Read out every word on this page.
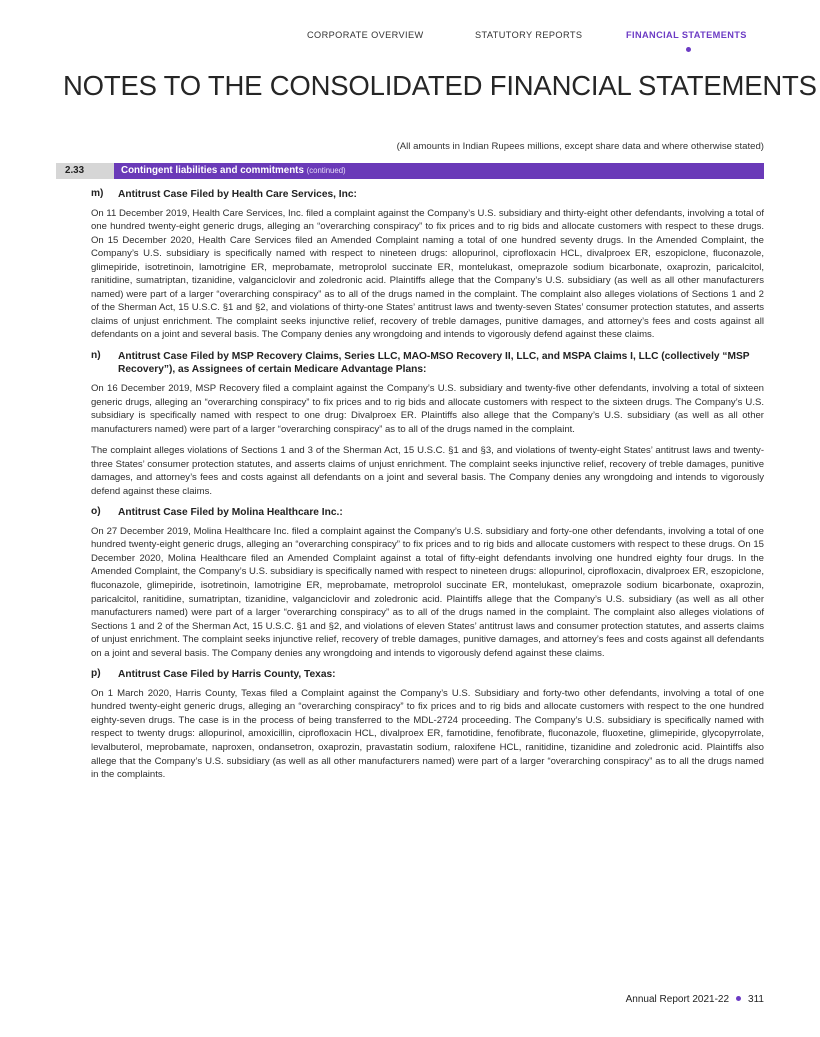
CORPORATE OVERVIEW	STATUTORY REPORTS	FINANCIAL STATEMENTS
NOTES TO THE CONSOLIDATED FINANCIAL STATEMENTS
(All amounts in Indian Rupees millions, except share data and where otherwise stated)
2.33	Contingent liabilities and commitments (continued)
m) Antitrust Case Filed by Health Care Services, Inc:

On 11 December 2019, Health Care Services, Inc. filed a complaint against the Company’s U.S. subsidiary and thirty-eight other defendants, involving a total of one hundred twenty-eight generic drugs, alleging an “overarching conspiracy” to fix prices and to rig bids and allocate customers with respect to these drugs. On 15 December 2020, Health Care Services filed an Amended Complaint naming a total of one hundred seventy drugs. In the Amended Complaint, the Company’s U.S. subsidiary is specifically named with respect to nineteen drugs: allopurinol, ciprofloxacin HCL, divalproex ER, eszopiclone, fluconazole, glimepiride, isotretinoin, lamotrigine ER, meprobamate, metroprolol succinate ER, montelukast, omeprazole sodium bicarbonate, oxaprozin, paricalcitol, ranitidine, sumatriptan, tizanidine, valganciclovir and zoledronic acid. Plaintiffs allege that the Company’s U.S. subsidiary (as well as all other manufacturers named) were part of a larger “overarching conspiracy” as to all of the drugs named in the complaint. The complaint also alleges violations of Sections 1 and 2 of the Sherman Act, 15 U.S.C. §1 and §2, and violations of thirty-one States’ antitrust laws and twenty-seven States’ consumer protection statutes, and asserts claims of unjust enrichment. The complaint seeks injunctive relief, recovery of treble damages, punitive damages, and attorney’s fees and costs against all defendants on a joint and several basis. The Company denies any wrongdoing and intends to vigorously defend against these claims.

n) Antitrust Case Filed by MSP Recovery Claims, Series LLC, MAO-MSO Recovery II, LLC, and MSPA Claims I, LLC (collectively “MSP Recovery”), as Assignees of certain Medicare Advantage Plans:

On 16 December 2019, MSP Recovery filed a complaint against the Company’s U.S. subsidiary and twenty-five other defendants, involving a total of sixteen generic drugs, alleging an “overarching conspiracy” to fix prices and to rig bids and allocate customers with respect to the sixteen drugs. The Company’s U.S. subsidiary is specifically named with respect to one drug: Divalproex ER. Plaintiffs also allege that the Company’s U.S. subsidiary (as well as all other manufacturers named) were part of a larger “overarching conspiracy” as to all of the drugs named in the complaint.

The complaint alleges violations of Sections 1 and 3 of the Sherman Act, 15 U.S.C. §1 and §3, and violations of twenty-eight States’ antitrust laws and twenty-three States’ consumer protection statutes, and asserts claims of unjust enrichment. The complaint seeks injunctive relief, recovery of treble damages, punitive damages, and attorney’s fees and costs against all defendants on a joint and several basis. The Company denies any wrongdoing and intends to vigorously defend against these claims.

o) Antitrust Case Filed by Molina Healthcare Inc.:

On 27 December 2019, Molina Healthcare Inc. filed a complaint against the Company’s U.S. subsidiary and forty-one other defendants, involving a total of one hundred twenty-eight generic drugs, alleging an “overarching conspiracy” to fix prices and to rig bids and allocate customers with respect to these drugs. On 15 December 2020, Molina Healthcare filed an Amended Complaint against a total of fifty-eight defendants involving one hundred eighty four drugs. In the Amended Complaint, the Company’s U.S. subsidiary is specifically named with respect to nineteen drugs: allopurinol, ciprofloxacin, divalproex ER, eszopiclone, fluconazole, glimepiride, isotretinoin, lamotrigine ER, meprobamate, metroprolol succinate ER, montelukast, omeprazole sodium bicarbonate, oxaprozin, paricalcitol, ranitidine, sumatriptan, tizanidine, valganciclovir and zoledronic acid. Plaintiffs allege that the Company’s U.S. subsidiary (as well as all other manufacturers named) were part of a larger “overarching conspiracy” as to all of the drugs named in the complaint. The complaint also alleges violations of Sections 1 and 2 of the Sherman Act, 15 U.S.C. §1 and §2, and violations of eleven States’ antitrust laws and consumer protection statutes, and asserts claims of unjust enrichment. The complaint seeks injunctive relief, recovery of treble damages, punitive damages, and attorney’s fees and costs against all defendants on a joint and several basis. The Company denies any wrongdoing and intends to vigorously defend against these claims.

p) Antitrust Case Filed by Harris County, Texas:

On 1 March 2020, Harris County, Texas filed a Complaint against the Company’s U.S. Subsidiary and forty-two other defendants, involving a total of one hundred twenty-eight generic drugs, alleging an “overarching conspiracy” to fix prices and to rig bids and allocate customers with respect to the one hundred eighty-seven drugs. The case is in the process of being transferred to the MDL-2724 proceeding. The Company’s U.S. subsidiary is specifically named with respect to twenty drugs: allopurinol, amoxicillin, ciprofloxacin HCL, divalproex ER, famotidine, fenofibrate, fluconazole, fluoxetine, glimepiride, glycopyrrolate, levalbuterol, meprobamate, naproxen, ondansetron, oxaprozin, pravastatin sodium, raloxifene HCL, ranitidine, tizanidine and zoledronic acid. Plaintiffs also allege that the Company’s U.S. subsidiary (as well as all other manufacturers named) were part of a larger “overarching conspiracy” as to all the drugs named in the complaints.

Annual Report 2021-22 311
